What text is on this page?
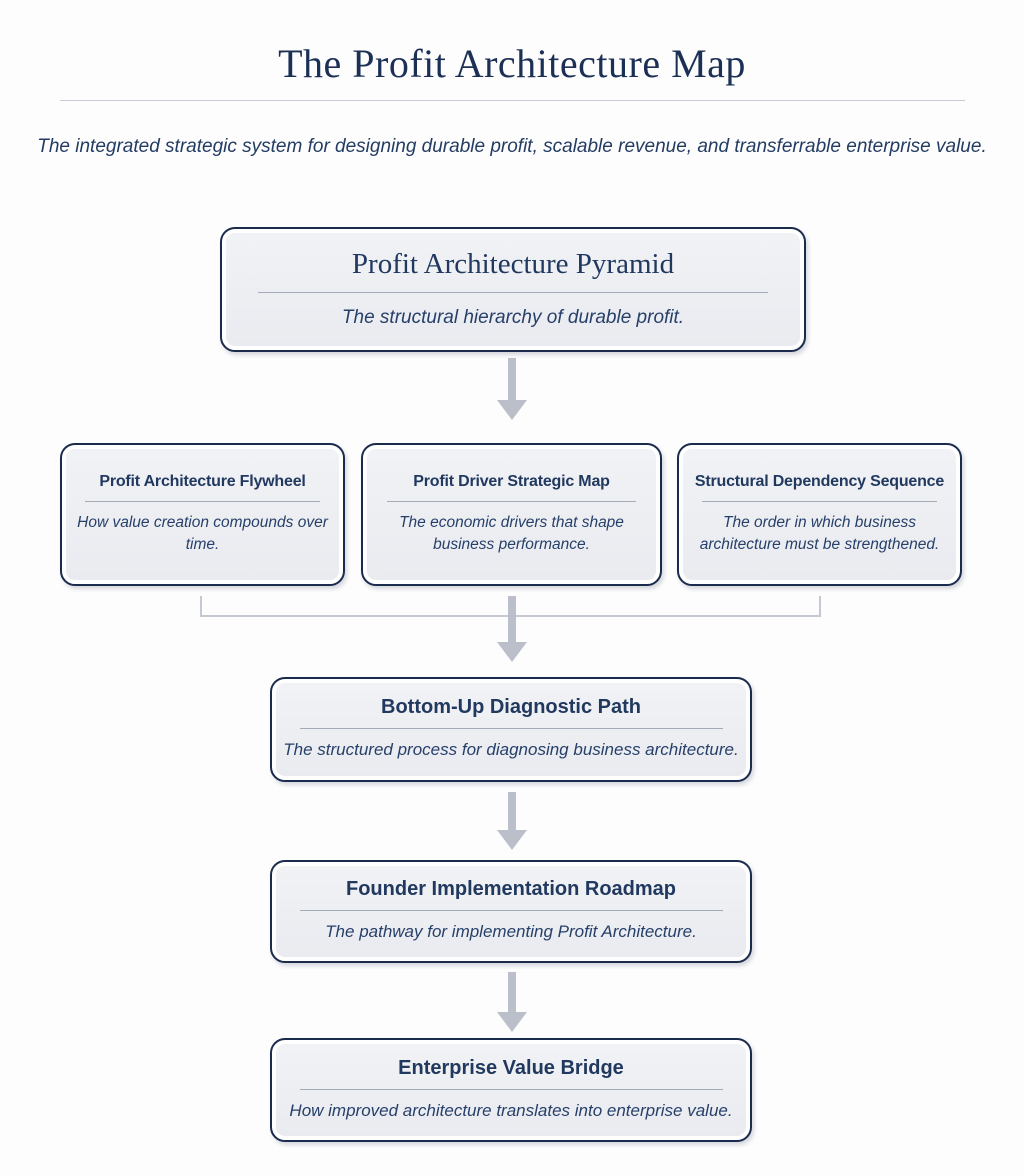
The Profit Architecture Map

The integrated strategic system for designing durable profit, scalable revenue, and transferrable enterprise value.

Profit Architecture Pyramid
The structural hierarchy of durable profit.
Profit Architecture Flywheel
How value creation compounds over time.
Profit Driver Strategic Map
The economic drivers that shape business performance.
Structural Dependency Sequence
The order in which business architecture must be strengthened.
Bottom-Up Diagnostic Path
The structured process for diagnosing business architecture.
Founder Implementation Roadmap
The pathway for implementing Profit Architecture.
Enterprise Value Bridge
How improved architecture translates into enterprise value.
